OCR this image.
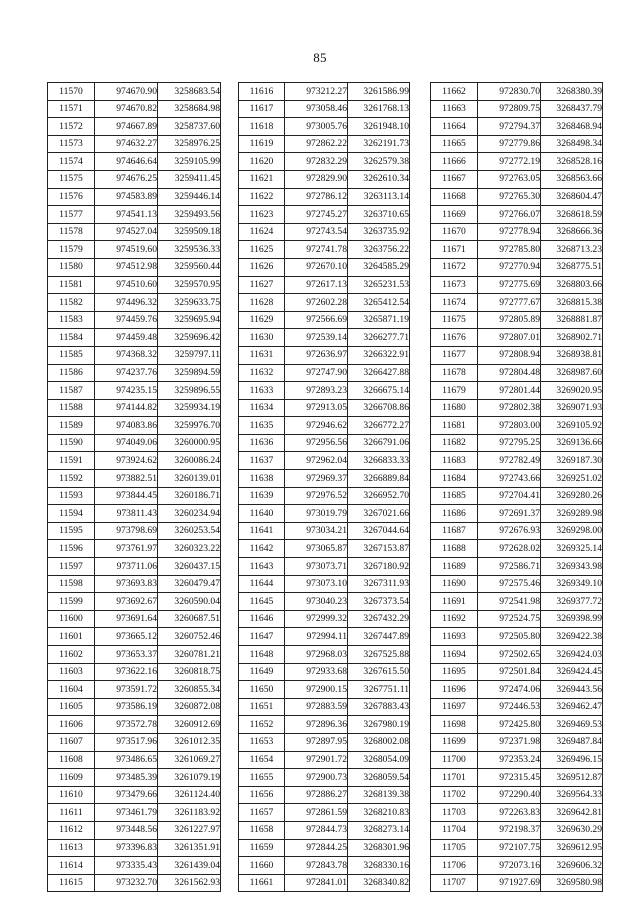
85
11570	974670.90	3258683.54
11571	974670.82	3258684.98
11572	974667.89	3258737.60
11573	974632.27	3258976.25
11574	974646.64	3259105.99
11575	974676.25	3259411.45
11576	974583.89	3259446.14
11577	974541.13	3259493.56
11578	974527.04	3259509.18
11579	974519.60	3259536.33
11580	974512.98	3259560.44
11581	974510.60	3259570.95
11582	974496.32	3259633.75
11583	974459.76	3259695.94
11584	974459.48	3259696.42
11585	974368.32	3259797.11
11586	974237.76	3259894.59
11587	974235.15	3259896.55
11588	974144.82	3259934.19
11589	974083.86	3259976.70
11590	974049.06	3260000.95
11591	973924.62	3260086.24
11592	973882.51	3260139.01
11593	973844.45	3260186.71
11594	973811.43	3260234.94
11595	973798.69	3260253.54
11596	973761.97	3260323.22
11597	973711.06	3260437.15
11598	973693.83	3260479.47
11599	973692.67	3260590.04
11600	973691.64	3260687.51
11601	973665.12	3260752.46
11602	973653.37	3260781.21
11603	973622.16	3260818.75
11604	973591.72	3260855.34
11605	973586.19	3260872.08
11606	973572.78	3260912.69
11607	973517.96	3261012.35
11608	973486.65	3261069.27
11609	973485.39	3261079.19
11610	973479.66	3261124.40
11611	973461.79	3261183.92
11612	973448.56	3261227.97
11613	973396.83	3261351.91
11614	973335.43	3261439.04
11615	973232.70	3261562.93
11616	973212.27	3261586.99
11617	973058.46	3261768.13
11618	973005.76	3261948.10
11619	972862.22	3262191.73
11620	972832.29	3262579.38
11621	972829.90	3262610.34
11622	972786.12	3263113.14
11623	972745.27	3263710.65
11624	972743.54	3263735.92
11625	972741.78	3263756.22
11626	972670.10	3264585.29
11627	972617.13	3265231.53
11628	972602.28	3265412.54
11629	972566.69	3265871.19
11630	972539.14	3266277.71
11631	972636.97	3266322.91
11632	972747.90	3266427.88
11633	972893.23	3266675.14
11634	972913.05	3266708.86
11635	972946.62	3266772.27
11636	972956.56	3266791.06
11637	972962.04	3266833.33
11638	972969.37	3266889.84
11639	972976.52	3266952.70
11640	973019.79	3267021.66
11641	973034.21	3267044.64
11642	973065.87	3267153.87
11643	973073.71	3267180.92
11644	973073.10	3267311.93
11645	973040.23	3267373.54
11646	972999.32	3267432.29
11647	972994.11	3267447.89
11648	972968.03	3267525.88
11649	972933.68	3267615.50
11650	972900.15	3267751.11
11651	972883.59	3267883.43
11652	972896.36	3267980.19
11653	972897.95	3268002.08
11654	972901.72	3268054.09
11655	972900.73	3268059.54
11656	972886.27	3268139.38
11657	972861.59	3268210.83
11658	972844.73	3268273.14
11659	972844.25	3268301.96
11660	972843.78	3268330.16
11661	972841.01	3268340.82
11662	972830.70	3268380.39
11663	972809.75	3268437.79
11664	972794.37	3268468.94
11665	972779.86	3268498.34
11666	972772.19	3268528.16
11667	972763.05	3268563.66
11668	972765.30	3268604.47
11669	972766.07	3268618.59
11670	972778.94	3268666.36
11671	972785.80	3268713.23
11672	972770.94	3268775.51
11673	972775.69	3268803.66
11674	972777.67	3268815.38
11675	972805.89	3268881.87
11676	972807.01	3268902.71
11677	972808.94	3268938.81
11678	972804.48	3268987.60
11679	972801.44	3269020.95
11680	972802.38	3269071.93
11681	972803.00	3269105.92
11682	972795.25	3269136.66
11683	972782.49	3269187.30
11684	972743.66	3269251.02
11685	972704.41	3269280.26
11686	972691.37	3269289.98
11687	972676.93	3269298.00
11688	972628.02	3269325.14
11689	972586.71	3269343.98
11690	972575.46	3269349.10
11691	972541.98	3269377.72
11692	972524.75	3269398.99
11693	972505.80	3269422.38
11694	972502.65	3269424.03
11695	972501.84	3269424.45
11696	972474.06	3269443.56
11697	972446.53	3269462.47
11698	972425.80	3269469.53
11699	972371.98	3269487.84
11700	972353.24	3269496.15
11701	972315.45	3269512.87
11702	972290.40	3269564.33
11703	972263.83	3269642.81
11704	972198.37	3269630.29
11705	972107.75	3269612.95
11706	972073.16	3269606.32
11707	971927.69	3269580.98
